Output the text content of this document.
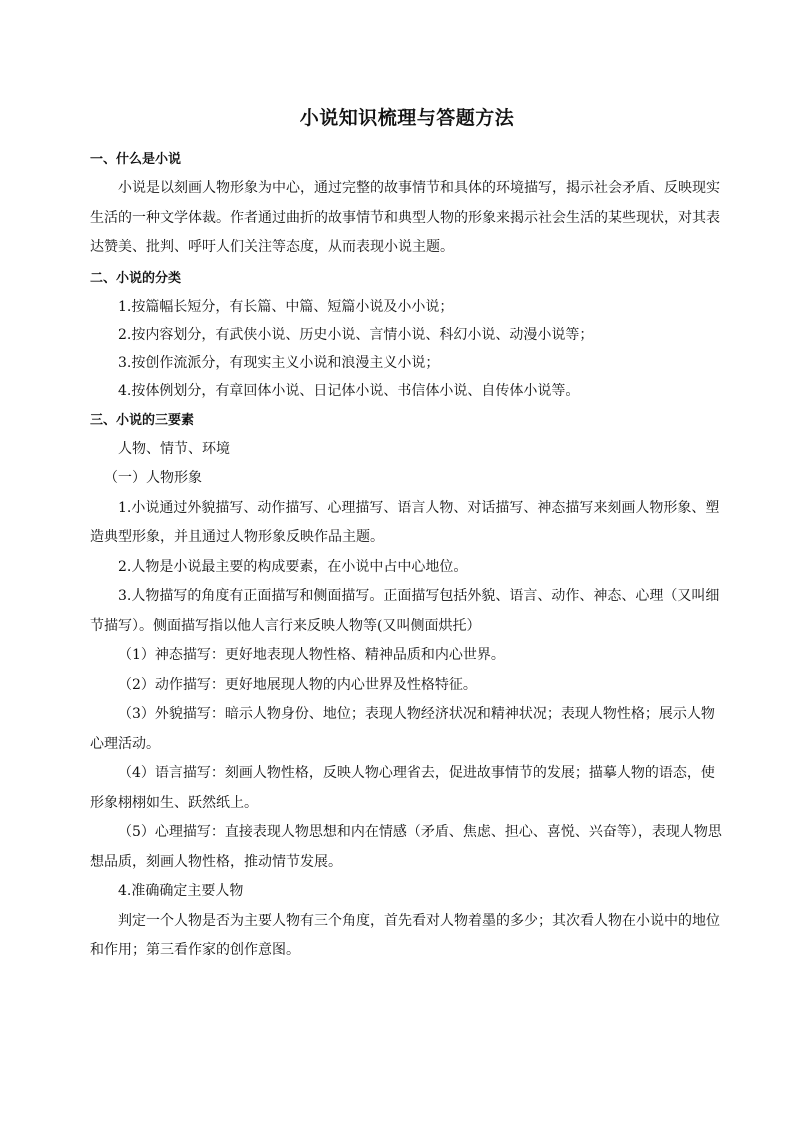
小说知识梳理与答题方法
一、什么是小说

小说是以刻画人物形象为中心，通过完整的故事情节和具体的环境描写，揭示社会矛盾、反映现实生活的一种文学体裁。作者通过曲折的故事情节和典型人物的形象来揭示社会生活的某些现状，对其表达赞美、批判、呼吁人们关注等态度，从而表现小说主题。

二、小说的分类

1.按篇幅长短分，有长篇、中篇、短篇小说及小小说；

2.按内容划分，有武侠小说、历史小说、言情小说、科幻小说、动漫小说等；

3.按创作流派分，有现实主义小说和浪漫主义小说；

4.按体例划分，有章回体小说、日记体小说、书信体小说、自传体小说等。

三、小说的三要素

人物、情节、环境

（一）人物形象

1.小说通过外貌描写、动作描写、心理描写、语言人物、对话描写、神态描写来刻画人物形象、塑造典型形象，并且通过人物形象反映作品主题。

2.人物是小说最主要的构成要素，在小说中占中心地位。

3.人物描写的角度有正面描写和侧面描写。正面描写包括外貌、语言、动作、神态、心理（又叫细节描写）。侧面描写指以他人言行来反映人物等(又叫侧面烘托）

（1）神态描写：更好地表现人物性格、精神品质和内心世界。

（2）动作描写：更好地展现人物的内心世界及性格特征。

（3）外貌描写：暗示人物身份、地位；表现人物经济状况和精神状况；表现人物性格；展示人物心理活动。

（4）语言描写：刻画人物性格，反映人物心理省去，促进故事情节的发展；描摹人物的语态，使形象栩栩如生、跃然纸上。

（5）心理描写：直接表现人物思想和内在情感（矛盾、焦虑、担心、喜悦、兴奋等），表现人物思想品质，刻画人物性格，推动情节发展。

4.准确确定主要人物

判定一个人物是否为主要人物有三个角度，首先看对人物着墨的多少；其次看人物在小说中的地位和作用；第三看作家的创作意图。
